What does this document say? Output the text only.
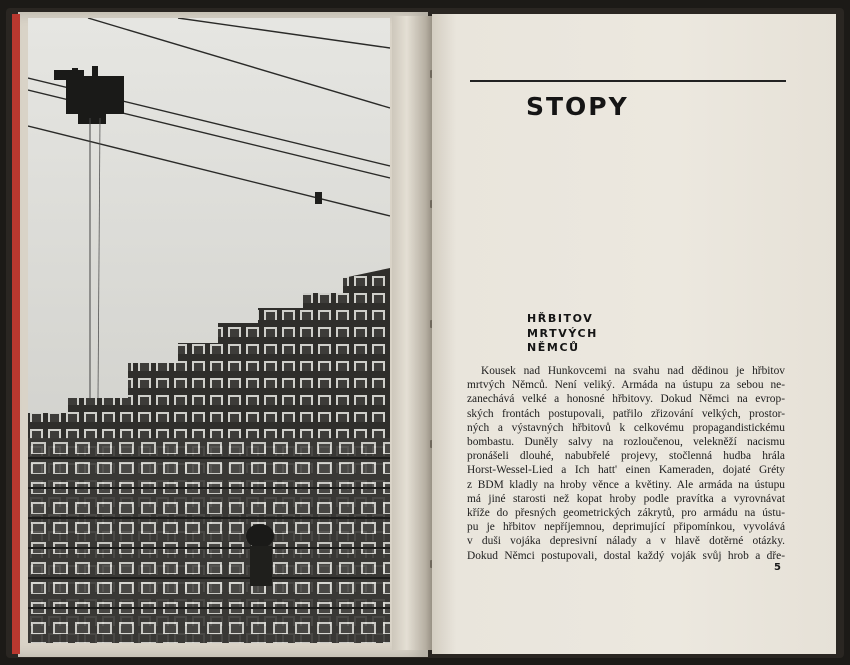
STOPY
HŘBITOV
MRTVÝCH
NĚMCŮ
Kousek nad Hunkovcemi na svahu nad dědinou je hřbitov
mrtvých Němců. Není veliký. Armáda na ústupu za sebou ne-
zanechává velké a honosné hřbitovy. Dokud Němci na evrop-
ských frontách postupovali, patřilo zřizování velkých, prostor-
ných a výstavných hřbitovů k celkovému propagandistickému
bombastu. Duněly salvy na rozloučenou, velekněží nacismu
pronášeli dlouhé, nabubřelé projevy, stočlenná hudba hrála
Horst-Wessel-Lied a Ich hatt' einen Kameraden, dojaté Gréty
z BDM kladly na hroby věnce a květiny. Ale armáda na ústupu
má jiné starosti než kopat hroby podle pravítka a vyrovnávat
kříže do přesných geometrických zákrytů, pro armádu na ústu-
pu je hřbitov nepříjemnou, deprimující připomínkou, vyvolává
v duši vojáka depresivní nálady a v hlavě dotěrné otázky.
Dokud Němci postupovali, dostal každý voják svůj hrob a dře-
5
